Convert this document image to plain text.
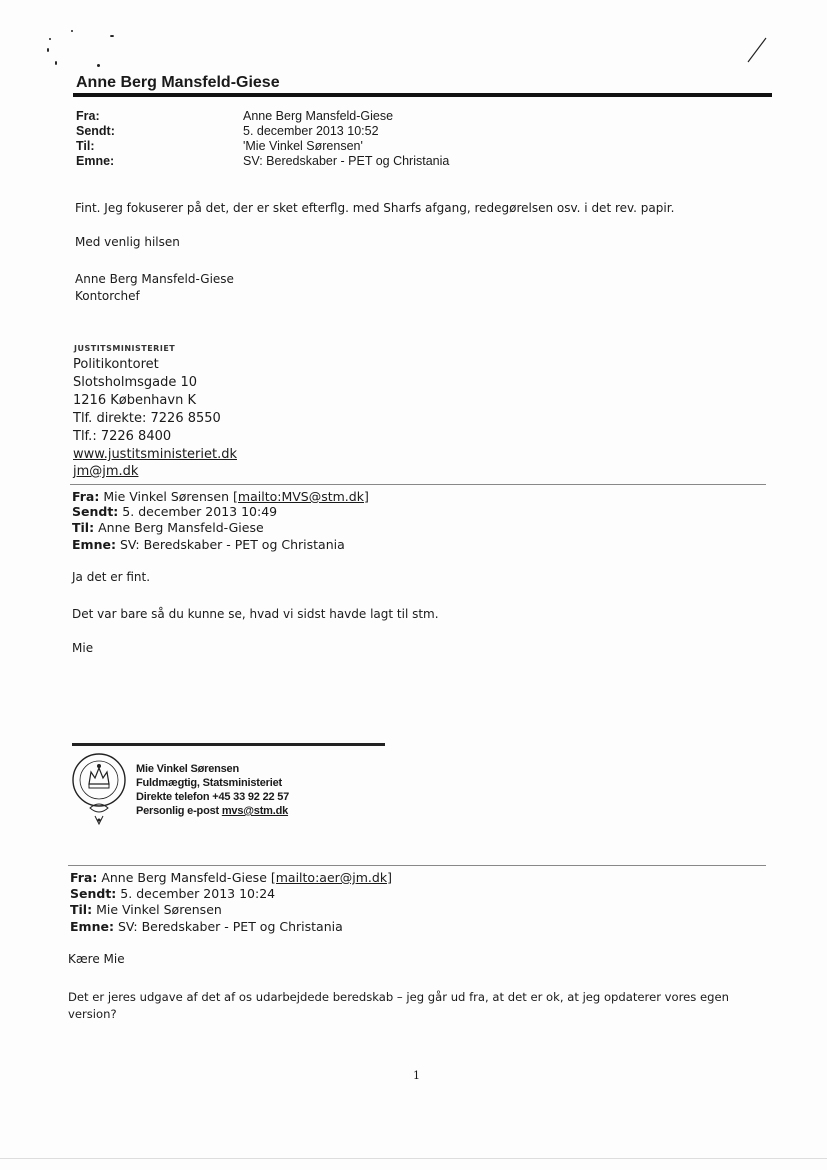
Anne Berg Mansfeld-Giese
Fra:	Anne Berg Mansfeld-Giese
Sendt:	5. december 2013 10:52
Til:	'Mie Vinkel Sørensen'
Emne:	SV: Beredskaber - PET og Christania
Fint. Jeg fokuserer på det, der er sket efterflg. med Sharfs afgang, redegørelsen osv. i det rev. papir.
Med venlig hilsen
Anne Berg Mansfeld-Giese
Kontorchef
JUSTITSMINISTERIET
Politikontoret
Slotsholmsgade 10
1216 København K
Tlf. direkte: 7226 8550
Tlf.: 7226 8400
www.justitsministeriet.dk
jm@jm.dk
Fra: Mie Vinkel Sørensen [mailto:MVS@stm.dk]
Sendt: 5. december 2013 10:49
Til: Anne Berg Mansfeld-Giese
Emne: SV: Beredskaber - PET og Christania
Ja det er fint.
Det var bare så du kunne se, hvad vi sidst havde lagt til stm.
Mie
Mie Vinkel Sørensen
Fuldmægtig, Statsministeriet
Direkte telefon +45 33 92 22 57
Personlig e-post mvs@stm.dk
Fra: Anne Berg Mansfeld-Giese [mailto:aer@jm.dk]
Sendt: 5. december 2013 10:24
Til: Mie Vinkel Sørensen
Emne: SV: Beredskaber - PET og Christania
Kære Mie
Det er jeres udgave af det af os udarbejdede beredskab – jeg går ud fra, at det er ok, at jeg opdaterer vores egen
version?
1
